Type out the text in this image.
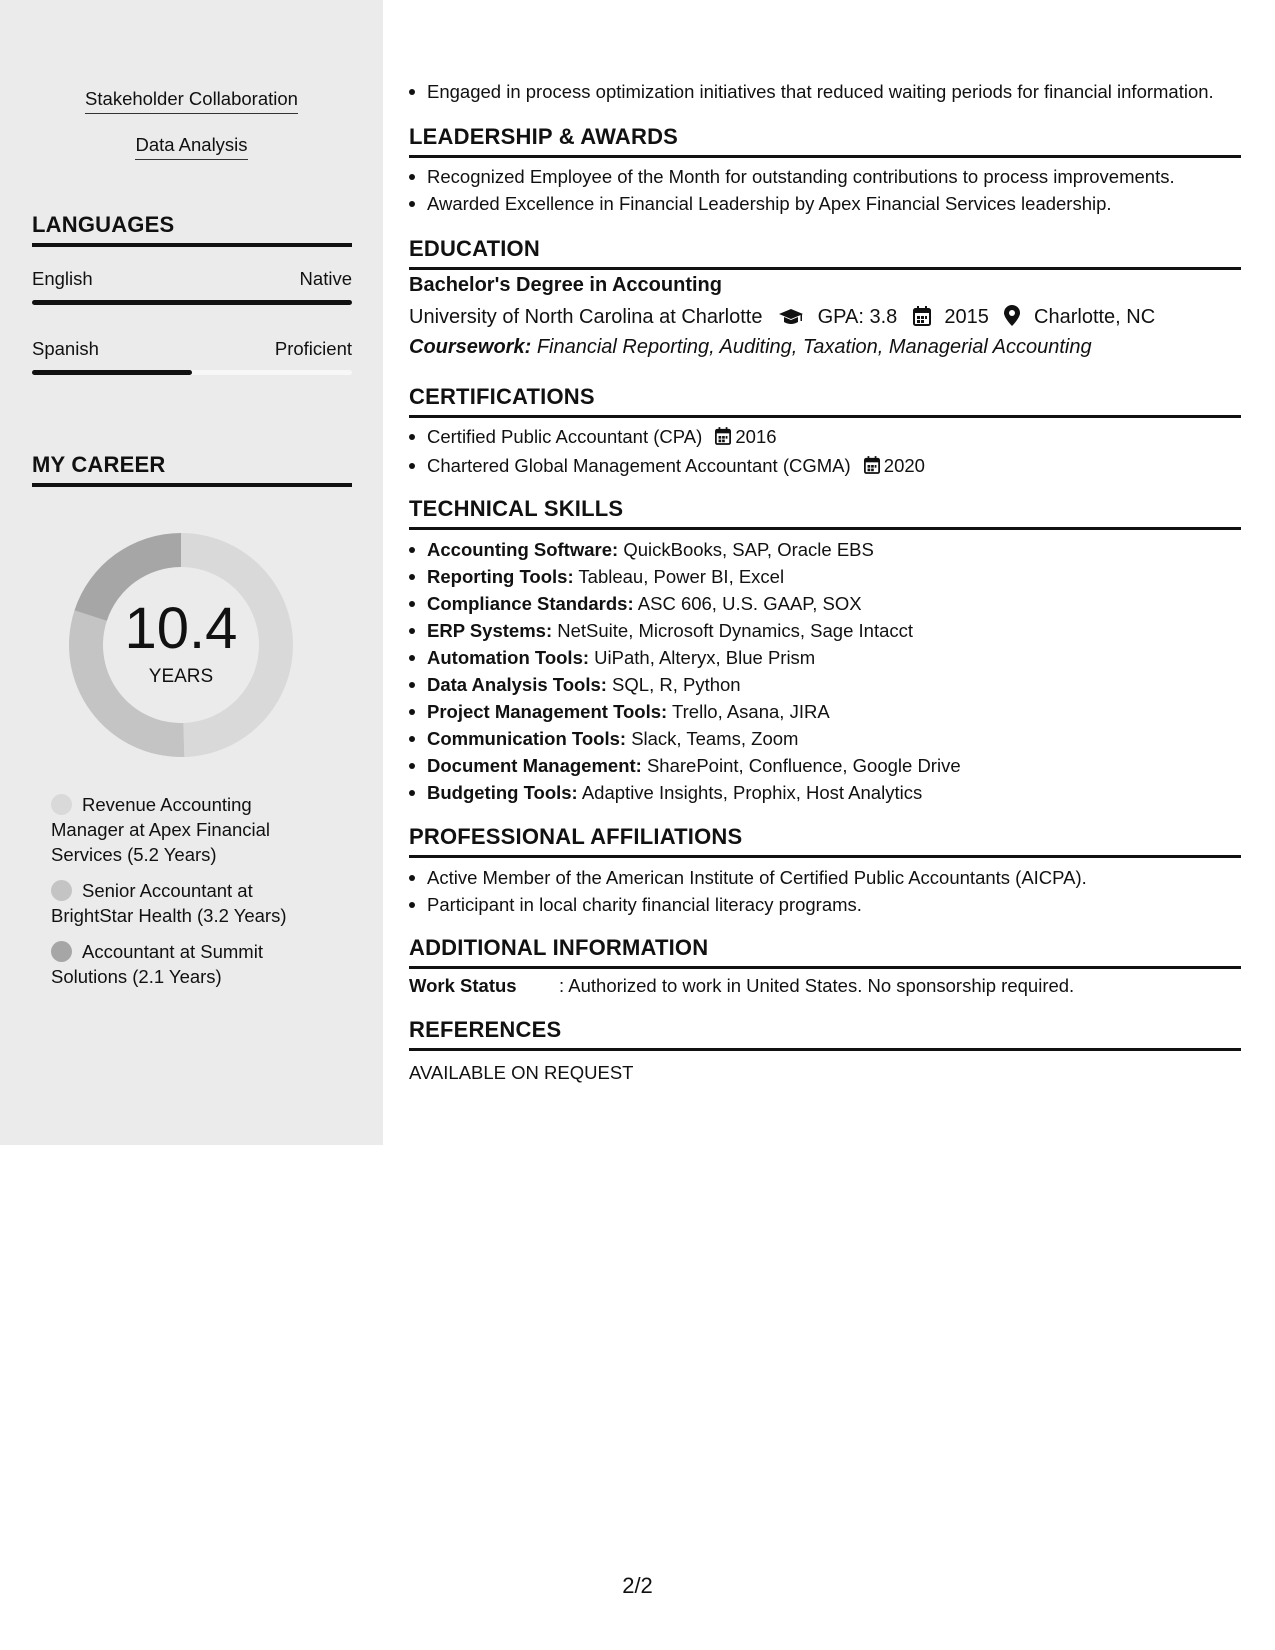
Stakeholder Collaboration
Data Analysis
LANGUAGES
English	Native
Spanish	Proficient
MY CAREER
10.4
YEARS
Revenue Accounting Manager at Apex Financial Services (5.2 Years)
Senior Accountant at BrightStar Health (3.2 Years)
Accountant at Summit Solutions (2.1 Years)
Engaged in process optimization initiatives that reduced waiting periods for financial information.
LEADERSHIP & AWARDS
Recognized Employee of the Month for outstanding contributions to process improvements.
Awarded Excellence in Financial Leadership by Apex Financial Services leadership.
EDUCATION
Bachelor's Degree in Accounting
University of North Carolina at Charlotte	GPA: 3.8 2015 Charlotte, NC
Coursework: Financial Reporting, Auditing, Taxation, Managerial Accounting
CERTIFICATIONS
Certified Public Accountant (CPA) 2016
Chartered Global Management Accountant (CGMA) 2020
TECHNICAL SKILLS
Accounting Software: QuickBooks, SAP, Oracle EBS
Reporting Tools: Tableau, Power BI, Excel
Compliance Standards: ASC 606, U.S. GAAP, SOX
ERP Systems: NetSuite, Microsoft Dynamics, Sage Intacct
Automation Tools: UiPath, Alteryx, Blue Prism
Data Analysis Tools: SQL, R, Python
Project Management Tools: Trello, Asana, JIRA
Communication Tools: Slack, Teams, Zoom
Document Management: SharePoint, Confluence, Google Drive
Budgeting Tools: Adaptive Insights, Prophix, Host Analytics
PROFESSIONAL AFFILIATIONS
Active Member of the American Institute of Certified Public Accountants (AICPA).
Participant in local charity financial literacy programs.
ADDITIONAL INFORMATION
Work Status : Authorized to work in United States. No sponsorship required.
REFERENCES
AVAILABLE ON REQUEST
2/2
